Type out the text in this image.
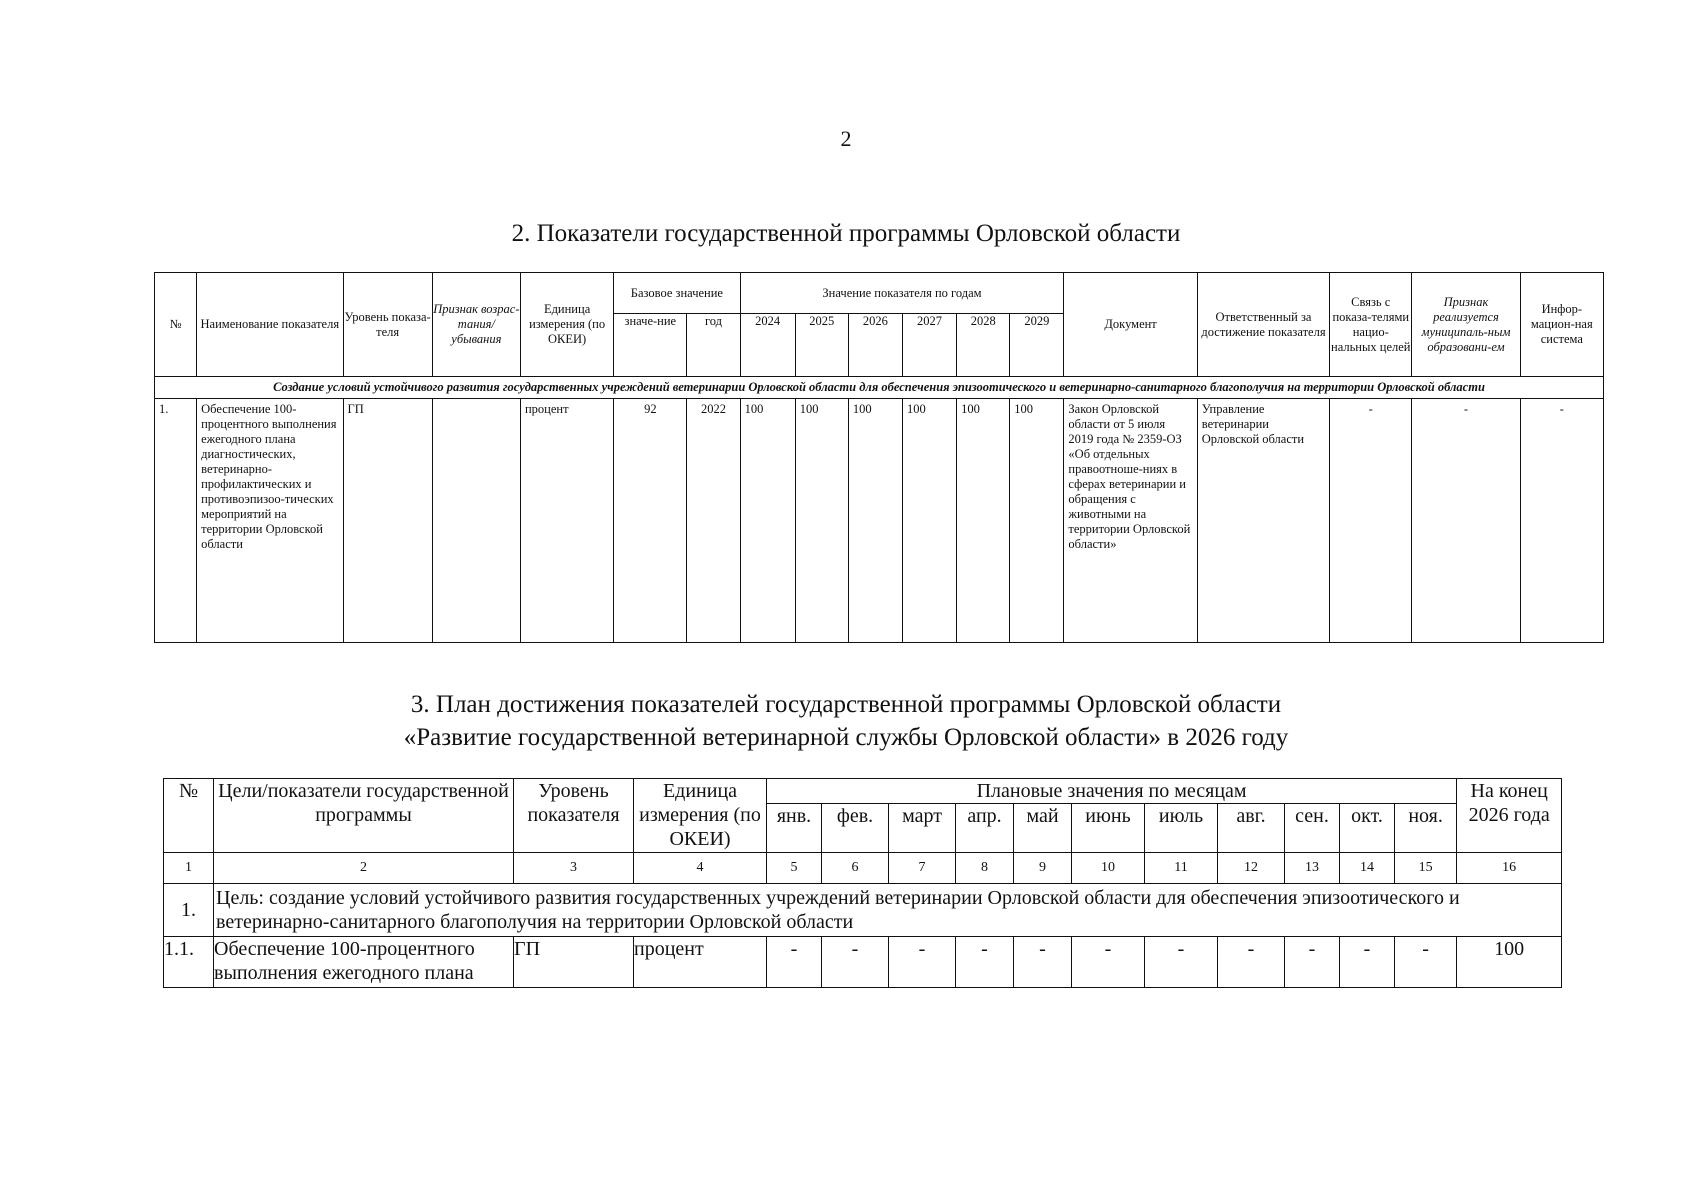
2
2. Показатели государственной программы Орловской области
№	Наименование показателя	Уровень показа-теля	Признак возрас-тания/ убывания	Единица измерения (по ОКЕИ)	Базовое значение		Значение показателя по годам						Документ	Ответственный за достижение показателя	Связь с показа-телями нацио-нальных целей	Признак реализуется муниципаль-ным образовани-ем	Инфор-мацион-ная система
					значе-ние	год	2024	2025	2026	2027	2028	2029					
Создание условий устойчивого развития государственных учреждений ветеринарии Орловской области для обеспечения эпизоотического и ветеринарно-санитарного благополучия на территории Орловской области																	
1.	Обеспечение 100-процентного выполнения ежегодного плана диагностических, ветеринарно-профилактических и противоэпизоо-тических мероприятий на территории Орловской области	ГП		процент	92	2022	100	100	100	100	100	100	Закон Орловской области от 5 июля 2019 года № 2359-ОЗ «Об отдельных правоотноше-ниях в сферах ветеринарии и обращения с животными на территории Орловской области»	Управление ветеринарии Орловской области	-	-	-
3. План достижения показателей государственной программы Орловской области
«Развитие государственной ветеринарной службы Орловской области» в 2026 году
№	Цели/показатели государственной программы	Уровень показателя	Единица измерения (по ОКЕИ)	Плановые значения по месяцам											На конец 2026 года
				янв.	фев.	март	апр.	май	июнь	июль	авг.	сен.	окт.	ноя.	
1	2	3	4	5	6	7	8	9	10	11	12	13	14	15	16
1.	Цель: создание условий устойчивого развития государственных учреждений ветеринарии Орловской области для обеспечения эпизоотического и ветеринарно-санитарного благополучия на территории Орловской области														
1.1.	Обеспечение 100-процентного выполнения ежегодного плана	ГП	процент	-	-	-	-	-	-	-	-	-	-	-	100
